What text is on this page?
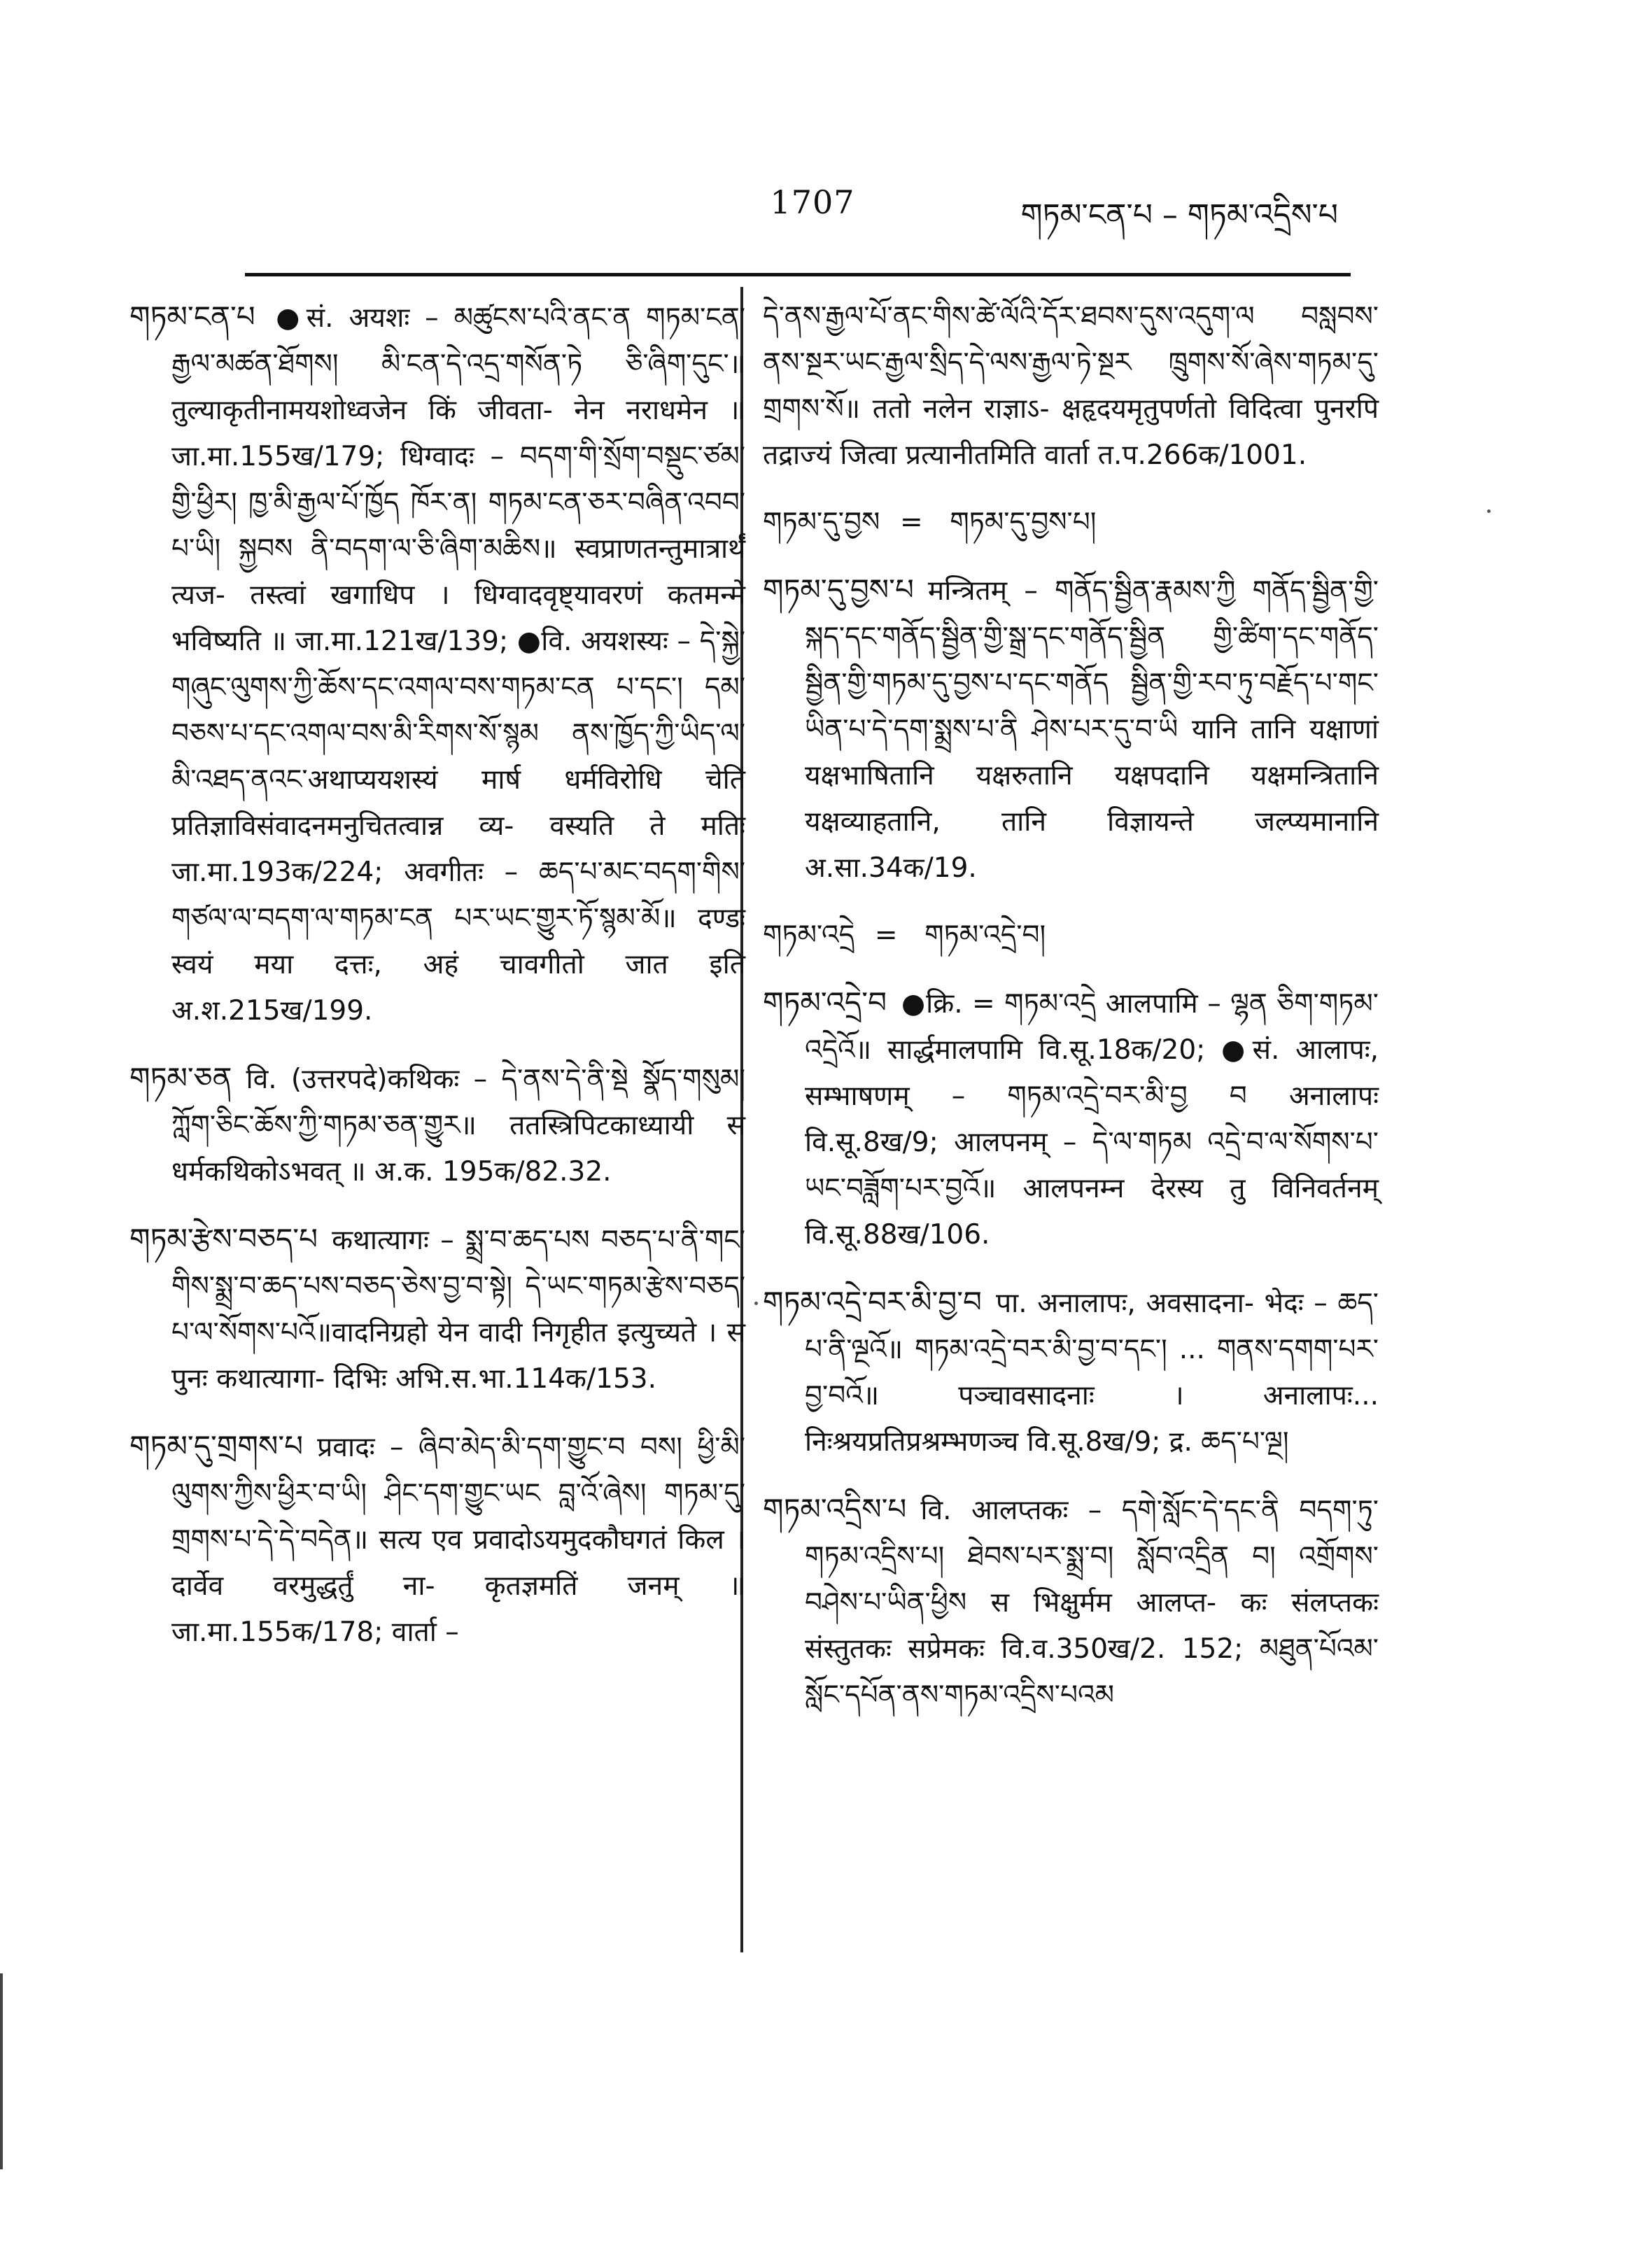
1707	གཏམ་ངན་པ – གཏམ་འདྲིས་པ
གཏམ་ངན་པ ●सं. अयशः – མཚུངས་པའི་ནང་ན གཏམ་ངན་རྒྱལ་མཚན་ཐོགས། མི་ངན་དེ་འདྲ་གསོན་ཏེ ཅི་ཞིག་དུང་॥ तुल्याकृतीनामयशोध्वजेन किं जीवता- नेन नराधमेन ॥ जा.मा.155ख/179; धिग्वादः – བདག་གི་སྲོག་བསྡུང་ཙམ་གྱི་ཕྱིར། ཁྱ་མི་རྒྱལ་པོ་ཁྱོད ཁོར་ན། གཏམ་ངན་ཅར་བཞིན་འབབ་པ་ཡི། སྐྱབས ནི་བདག་ལ་ཅི་ཞིག་མཆིས॥ स्वप्राणतन्तुमात्रार्थं त्यज- तस्त्वां खगाधिप । धिग्वादवृष्ट्यावरणं कतमन्मे भविष्यति ॥ जा.मा.121ख/139; ●वि. अयशस्यः – དེ་སྐྱེ་གཞུང་ལུགས་ཀྱི་ཆོས་དང་འགལ་བས་གཏམ་ངན པ་དང་། དམ་བཅས་པ་དང་འགལ་བས་མི་རིགས་སོ་སྙམ ནས་ཁྱོད་ཀྱི་ཡིད་ལ་མི་འཐད་ནའང་अथाप्ययशस्यं मार्ष धर्मविरोधि चेति प्रतिज्ञाविसंवादनमनुचितत्वान्न व्य- वस्यति ते मतिः जा.मा.193क/224; अवगीतः – ཆད་པ་མང་བདག་གིས་གཙལ་ལ་བདག་ལ་གཏམ་ངན པར་ཡང་གྱུར་ཏོ་སྙམ་མོ॥ दण्डः स्वयं मया दत्तः, अहं चावगीतो जात इति अ.श.215ख/199.
གཏམ་ཅན वि. (उत्तरपदे)कथिकः – དེ་ནས་དེ་ནི་སྡེ སྣོད་གསུམ། ཀློག་ཅིང་ཆོས་ཀྱི་གཏམ་ཅན་གྱུར॥ ततस्त्रिपिटकाध्यायी स धर्मकथिकोऽभवत् ॥ अ.क. 195क/82.32.
གཏམ་རྩེས་བཅད་པ कथात्यागः – སྨྲ་བ་ཆད་པས བཅད་པ་ནི་གང་གིས་སྨྲ་བ་ཆད་པས་བཅད་ཅེས་བྱ་བ་སྟེ། དེ་ཡང་གཏམ་རྩེས་བཅད་པ་ལ་སོགས་པའོ॥वादनिग्रहो येन वादी निगृहीत इत्युच्यते । स पुनः कथात्यागा- दिभिः अभि.स.भा.114क/153.
གཏམ་དུ་གྲགས་པ प्रवादः – ཞིབ་མེད་མི་དག་གྱུང་བ བས། ཕྱི་མི་ལུགས་ཀྱིས་ཕྱིར་བ་ཡི། ཤིང་དག་གྱུང་ཡང བླ་འོ་ཞེས། གཏམ་དུ་གྲགས་པ་དེ་དེ་བདེན॥ सत्य एव प्रवादोऽयमुदकौघगतं किल । दार्वेव वरमुद्धर्तुं ना- कृतज्ञमतिं जनम् ॥ जा.मा.155क/178; वार्ता –
དེ་ནས་རྒྱལ་པོ་ནང་གིས་ཚེ་ལོའི་དོར་ཐབས་དུས་འདུག་ལ བསླབས་ནས་སྔར་ཡང་རྒྱལ་སྲིད་དེ་ལས་རྒྱལ་ཏེ་སྔར ཁྲུགས་སོ་ཞེས་གཏམ་དུ་གྲགས་སོ॥ ततो नलेन राज्ञाऽ- क्षहृदयमृतुपर्णतो विदित्वा पुनरपि तद्राज्यं जित्वा प्रत्यानीतमिति वार्ता त.प.266क/1001.
གཏམ་དུ་བྱས = གཏམ་དུ་བྱས་པ།
གཏམ་དུ་བྱས་པ मन्त्रितम् – གནོད་སྦྱིན་རྣམས་ཀྱི གནོད་སྦྱིན་གྱི་སྐད་དང་གནོད་སྦྱིན་གྱི་སྒྲ་དང་གནོད་སྦྱིན གྱི་ཚིག་དང་གནོད་སྦྱིན་གྱི་གཏམ་དུ་བྱས་པ་དང་གནོད སྦྱིན་གྱི་རབ་ཏུ་བརྗོད་པ་གང་ཡིན་པ་དེ་དག་སྨྲས་པ་ནི ཤེས་པར་དུ་བ་ཡི यानि तानि यक्षाणां यक्षभाषितानि यक्षरुतानि यक्षपदानि यक्षमन्त्रितानि यक्षव्याहतानि, तानि विज्ञायन्ते जल्प्यमानानि अ.सा.34क/19.
གཏམ་འདྲེ = གཏམ་འདྲེ་བ།
གཏམ་འདྲེ་བ ●क्रि. = གཏམ་འདྲེ आलपामि – ལྷན ཅིག་གཏམ་འདྲེའོ॥ सार्द्धमालपामि वि.सू.18क/20; ●सं. आलापः, सम्भाषणम् – གཏམ་འདྲེ་བར་མི་བྱ བ अनालापः वि.सू.8ख/9; आलपनम् – དེ་ལ་གཏམ འདྲེ་བ་ལ་སོགས་པ་ཡང་བཟློག་པར་བྱའོ॥ आलपनम्न देरस्य तु विनिवर्तनम् वि.सू.88ख/106.
གཏམ་འདྲེ་བར་མི་བྱ་བ पा. अनालापः, अवसादना- भेदः – ཆད་པ་ནི་ལྔའོ॥ གཏམ་འདྲེ་བར་མི་བྱ་བ་དང་། ... གནས་དགག་པར་བྱ་བའོ॥ पञ्चावसादनाः । अनालापः... निःश्रयप्रतिप्रश्रम्भणञ्च वि.सू.8ख/9; द्र. ཆད་པ་ལྔ།
གཏམ་འདྲིས་པ वि. आलप्तकः – དགེ་སློང་དེ་དང་ནི བདག་ཏུ་གཏམ་འདྲིས་པ། ཐེབས་པར་སྨྲ་བ། སློབ་འདྲིན བ། འགྲོགས་བཤེས་པ་ཡིན་ཕྱིས स भिक्षुर्मम आलप्त- कः संलप्तकः संस्तुतकः सप्रेमकः वि.व.350ख/2. 152; མཐུན་པོའམ་སློང་དཔོན་ནས་གཏམ་འདྲིས་པའམ
